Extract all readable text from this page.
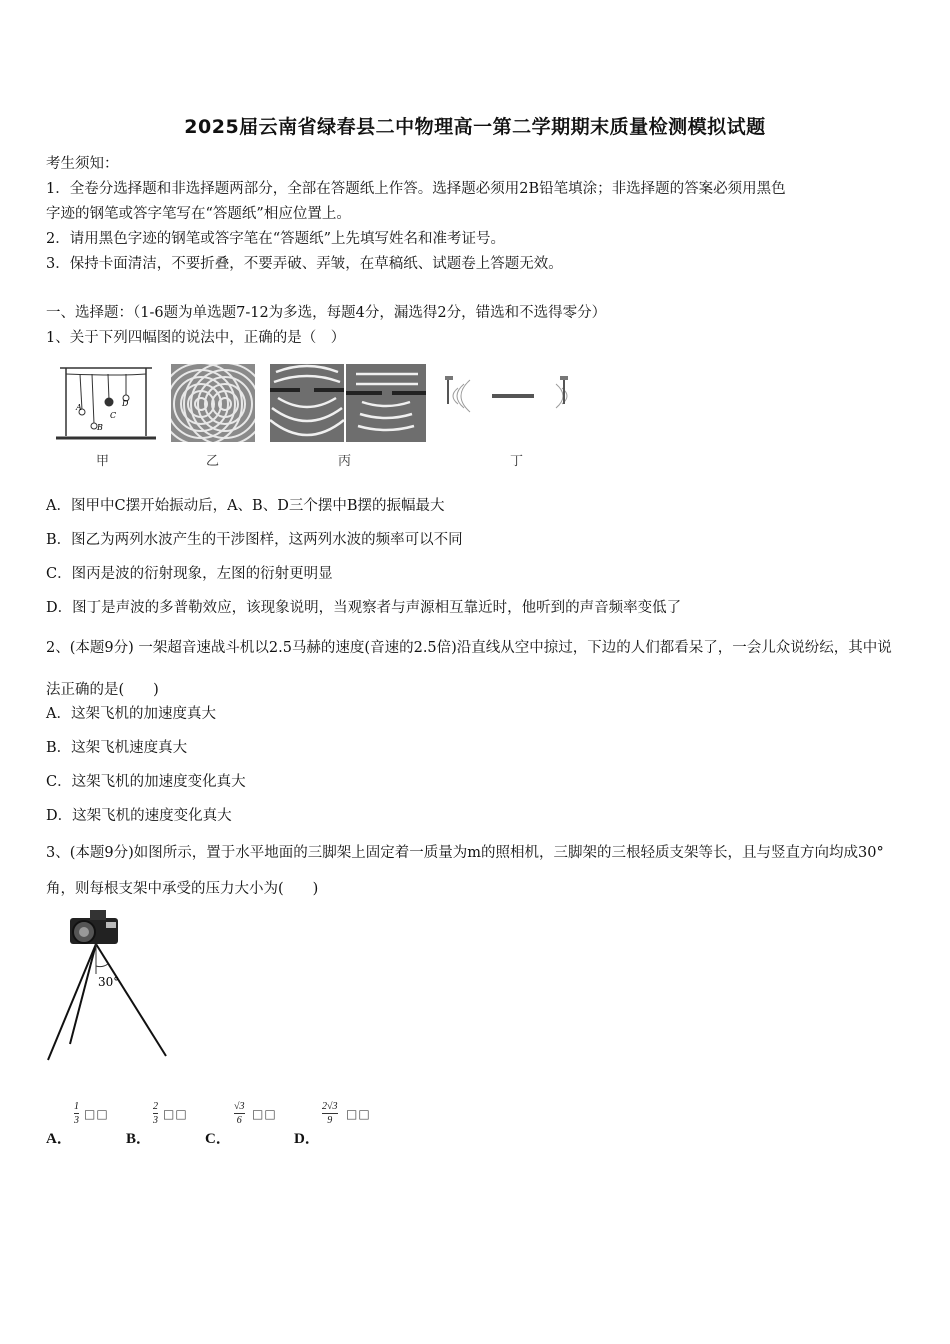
2025届云南省绿春县二中物理高一第二学期期末质量检测模拟试题
考生须知：
1．全卷分选择题和非选择题两部分，全部在答题纸上作答。选择题必须用2B铅笔填涂；非选择题的答案必须用黑色
字迹的钢笔或答字笔写在“答题纸”相应位置上。
2．请用黑色字迹的钢笔或答字笔在“答题纸”上先填写姓名和准考证号。
3．保持卡面清洁，不要折叠，不要弄破、弄皱，在草稿纸、试题卷上答题无效。
一、选择题：（1-6题为单选题7-12为多选，每题4分，漏选得2分，错选和不选得零分）
1、关于下列四幅图的说法中，正确的是（　）
A
B
C
D
甲	乙	丙	丁
A．图甲中C摆开始振动后，A、B、D三个摆中B摆的振幅最大
B．图乙为两列水波产生的干涉图样，这两列水波的频率可以不同
C．图丙是波的衍射现象，左图的衍射更明显
D．图丁是声波的多普勒效应，该现象说明，当观察者与声源相互靠近时，他听到的声音频率变低了
2、(本题9分) 一架超音速战斗机以2.5马赫的速度(音速的2.5倍)沿直线从空中掠过，下边的人们都看呆了，一会儿众说纷纭，其中说法正确的是(　　)
A．这架飞机的加速度真大
B．这架飞机速度真大
C．这架飞机的加速度变化真大
D．这架飞机的速度变化真大
3、(本题9分)如图所示，置于水平地面的三脚架上固定着一质量为m的照相机，三脚架的三根轻质支架等长，且与竖直方向均成30°角，则每根支架中承受的压力大小为(　　)
30°
$\frac{1}{3}$ □□
A．
$\frac{2}{3}$ □□
B．
$\frac{√3}{6}$ □□
C．
$\frac{2√3}{9}$ □□
D．
